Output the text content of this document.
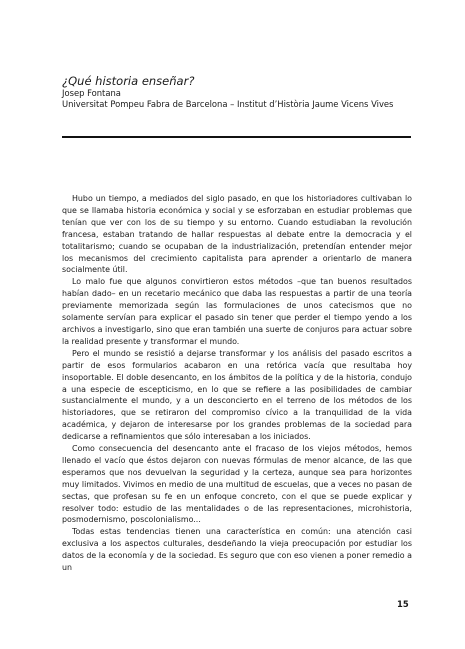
¿Qué historia enseñar?
Josep Fontana
Universitat Pompeu Fabra de Barcelona – Institut d’Història Jaume Vicens Vives

Hubo un tiempo, a mediados del siglo pasado, en que los historiadores cultivaban lo que se llamaba historia económica y social y se esforzaban en estudiar problemas que tenían que ver con los de su tiempo y su entorno. Cuando estudiaban la revolución francesa, estaban tratando de hallar respuestas al debate entre la democracia y el totalitarismo; cuando se ocupaban de la industrialización, pretendían entender mejor los mecanismos del crecimiento capitalista para aprender a orientarlo de manera socialmente útil.

Lo malo fue que algunos convirtieron estos métodos –que tan buenos resultados habían dado– en un recetario mecánico que daba las respuestas a partir de una teoría previamente memorizada según las formulaciones de unos catecismos que no solamente servían para explicar el pasado sin tener que perder el tiempo yendo a los archivos a investigarlo, sino que eran también una suerte de conjuros para actuar sobre la realidad presente y transformar el mundo.

Pero el mundo se resistió a dejarse transformar y los análisis del pasado escritos a partir de esos formularios acabaron en una retórica vacía que resultaba hoy insoportable. El doble desencanto, en los ámbitos de la política y de la historia, condujo a una especie de escepticismo, en lo que se refiere a las posibilidades de cambiar sustancialmente el mundo, y a un desconcierto en el terreno de los métodos de los historiadores, que se retiraron del compromiso cívico a la tranquilidad de la vida académica, y dejaron de interesarse por los grandes problemas de la sociedad para dedicarse a refinamientos que sólo interesaban a los iniciados.

Como consecuencia del desencanto ante el fracaso de los viejos métodos, hemos llenado el vacío que éstos dejaron con nuevas fórmulas de menor alcance, de las que esperamos que nos devuelvan la seguridad y la certeza, aunque sea para horizontes muy limitados. Vivimos en medio de una multitud de escuelas, que a veces no pasan de sectas, que profesan su fe en un enfoque concreto, con el que se puede explicar y resolver todo: estudio de las mentalidades o de las representaciones, microhistoria, posmodernismo, poscolonialismo...

Todas estas tendencias tienen una característica en común: una atención casi exclusiva a los aspectos culturales, desdeñando la vieja preocupación por estudiar los datos de la economía y de la sociedad. Es seguro que con eso vienen a poner remedio a un

15
